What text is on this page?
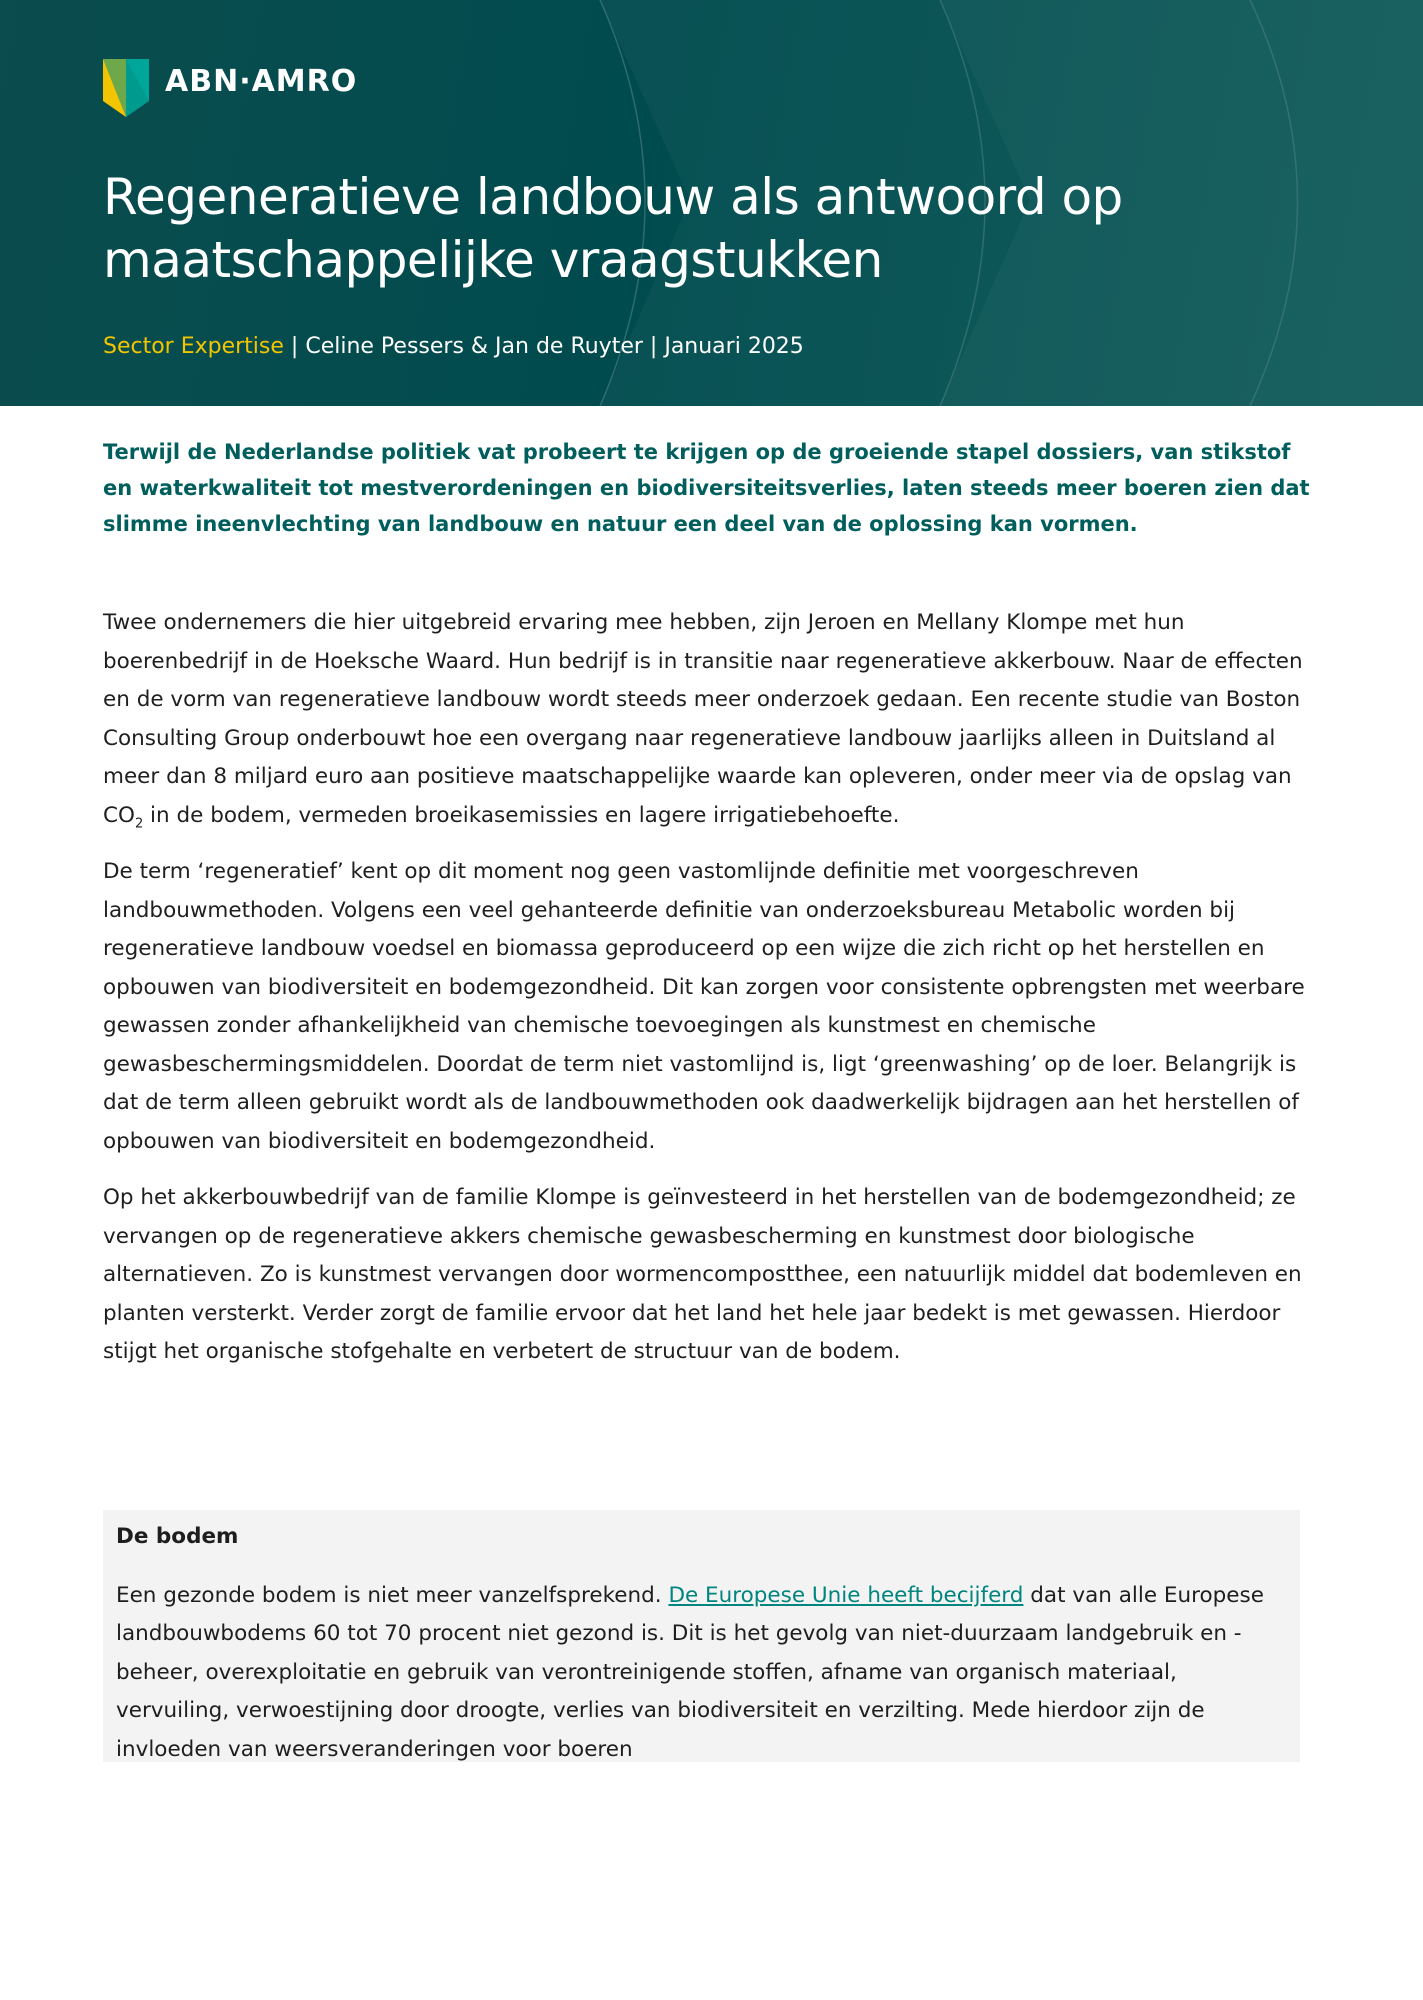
ABN·AMRO
Regeneratieve landbouw als antwoord op maatschappelijke vraagstukken
Sector Expertise | Celine Pessers & Jan de Ruyter | Januari 2025

Terwijl de Nederlandse politiek vat probeert te krijgen op de groeiende stapel dossiers, van stikstof en waterkwaliteit tot mestverordeningen en biodiversiteitsverlies, laten steeds meer boeren zien dat slimme ineenvlechting van landbouw en natuur een deel van de oplossing kan vormen.

Twee ondernemers die hier uitgebreid ervaring mee hebben, zijn Jeroen en Mellany Klompe met hun boerenbedrijf in de Hoeksche Waard. Hun bedrijf is in transitie naar regeneratieve akkerbouw. Naar de effecten en de vorm van regeneratieve landbouw wordt steeds meer onderzoek gedaan. Een recente studie van Boston Consulting Group onderbouwt hoe een overgang naar regeneratieve landbouw jaarlijks alleen in Duitsland al meer dan 8 miljard euro aan positieve maatschappelijke waarde kan opleveren, onder meer via de opslag van $CO_2$ in de bodem, vermeden broeikasemissies en lagere irrigatiebehoefte.

De term ‘regeneratief’ kent op dit moment nog geen vastomlijnde definitie met voorgeschreven landbouwmethoden. Volgens een veel gehanteerde definitie van onderzoeksbureau Metabolic worden bij regeneratieve landbouw voedsel en biomassa geproduceerd op een wijze die zich richt op het herstellen en opbouwen van biodiversiteit en bodemgezondheid. Dit kan zorgen voor consistente opbrengsten met weerbare gewassen zonder afhankelijkheid van chemische toevoegingen als kunstmest en chemische gewasbeschermingsmiddelen. Doordat de term niet vastomlijnd is, ligt ‘greenwashing’ op de loer. Belangrijk is dat de term alleen gebruikt wordt als de landbouwmethoden ook daadwerkelijk bijdragen aan het herstellen of opbouwen van biodiversiteit en bodemgezondheid.

Op het akkerbouwbedrijf van de familie Klompe is geïnvesteerd in het herstellen van de bodemgezondheid; ze vervangen op de regeneratieve akkers chemische gewasbescherming en kunstmest door biologische alternatieven. Zo is kunstmest vervangen door wormencompostthee, een natuurlijk middel dat bodemleven en planten versterkt. Verder zorgt de familie ervoor dat het land het hele jaar bedekt is met gewassen. Hierdoor stijgt het organische stofgehalte en verbetert de structuur van de bodem.

De bodem

Een gezonde bodem is niet meer vanzelfsprekend. De Europese Unie heeft becijferd dat van alle Europese landbouwbodems 60 tot 70 procent niet gezond is. Dit is het gevolg van niet-duurzaam landgebruik en -beheer, overexploitatie en gebruik van verontreinigende stoffen, afname van organisch materiaal, vervuiling, verwoestijning door droogte, verlies van biodiversiteit en verzilting. Mede hierdoor zijn de invloeden van weersveranderingen voor boeren
